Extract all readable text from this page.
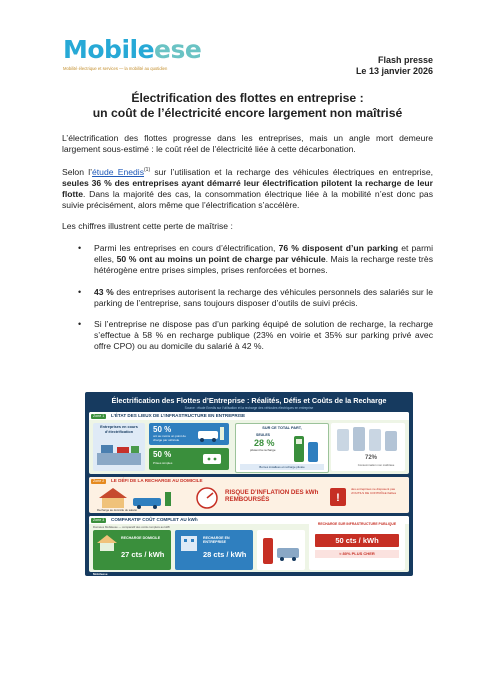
Mobileese
Mobilité électrique et services — la mobilité au quotidien
Flash presse
Le 13 janvier 2026
Électrification des flottes en entreprise :
un coût de l’électricité encore largement non maîtrisé
L’électrification des flottes progresse dans les entreprises, mais un angle mort demeure largement sous-estimé : le coût réel de l’électricité liée à cette décarbonation.
Selon l’étude Enedis$^{(1)}$ sur l’utilisation et la recharge des véhicules électriques en entreprise, seules 36 % des entreprises ayant démarré leur électrification pilotent la recharge de leur flotte. Dans la majorité des cas, la consommation électrique liée à la mobilité n’est donc pas suivie précisément, alors même que l’électrification s’accélère.
Les chiffres illustrent cette perte de maîtrise :
• Parmi les entreprises en cours d’électrification, 76 % disposent d’un parking et parmi elles, 50 % ont au moins un point de charge par véhicule. Mais la recharge reste très hétérogène entre prises simples, prises renforcées et bornes.
• 43 % des entreprises autorisent la recharge des véhicules personnels des salariés sur le parking de l’entreprise, sans toujours disposer d’outils de suivi précis.
• Si l’entreprise ne dispose pas d’un parking équipé de solution de recharge, la recharge s’effectue à 58 % en recharge publique (23% en voirie et 35% sur parking privé avec offre CPO) ou au domicile du salarié à 42 %.
Électrification des Flottes d’Entreprise : Réalités, Défis et Coûts de la Recharge
Source : étude Enedis sur l’utilisation et la recharge des véhicules électriques en entreprise
L’ÉTAT DES LIEUX DE L’INFRASTRUCTURE EN ENTREPRISE
Zone 1
Entreprises en cours d’électrification	50 %
ont au moins un point de charge par véhicule
50 %
Prises simples
SUR CE TOTAL PART,
SEULES
28 %
pilotent la recharge
Bornes installées et recharge pilotée
72%
Consommation non maîtrisée
LE DÉFI DE LA RECHARGE AU DOMICILE
Zone 2
Recharge au domicile du salarié
RISQUE D’INFLATION DES kWh REMBOURSÉS	!
des entreprises ne disposent pas d’OUTILS DE CONTRÔLE fiables
COMPARATIF COÛT COMPLET AU kWh
Zone 3
Données Mobileese — comparatif des coûts complets au kWh
RECHARGE DOMICILE
27 cts / kWh
RECHARGE EN ENTREPRISE
28 cts / kWh
RECHARGE SUR INFRASTRUCTURE PUBLIQUE
50 cts / kWh
≈ 80% PLUS CHER
Mobileese
